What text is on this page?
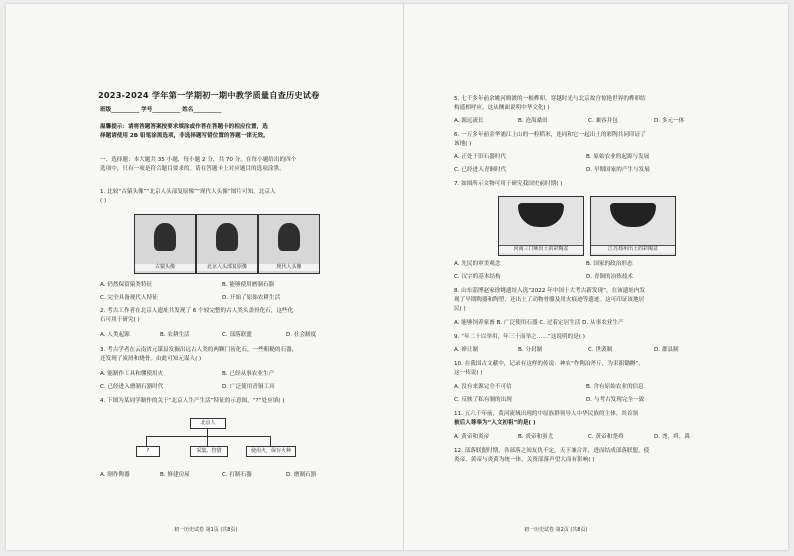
2023-2024 学年第一学期初一期中教学质量自查历史试卷
班级__________ 学号__________ 姓名__________
温馨提示：请将答题答案按要求填涂或作答在答题卡的相应位置，选
择题请使用 2B 铅笔涂黑选项，非选择题写错位置的答题一律无效。
一、选择题：本大题共 35 小题，每小题 2 分，共 70 分。在每小题给出的四个
选项中，只有一项是符合题目要求的。请在答题卡上对应题目的选项涂黑。
1. 比较“古猿头像”“北京人头部复原像”“现代人头像”图片可知，北京人
( )
古猿头像	北京人头部复原像	现代人头像
A. 仍然保留猿类特征	B. 能够使用磨制石器
C. 完全具备现代人特征	D. 开始了原始农耕生活
2. 考古工作者在北京人遗址共发现了 6 个较完整的古人类头盖骨化石，这些化
石可用于研究( )
A. 人类起源	B. 农耕生活	C. 部落联盟	D. 社会制度
3. 考古学者在云南省元谋县发掘出远古人类的两颗门齿化石，一些粗糙的石器，
还发现了炭屑和烧骨。由此可知元谋人( )
A. 能制作工具和懂使用火	B. 已经从事农业生产
C. 已经进入磨制石器时代	D. 广泛使用青铜工具
4. 下图为某同学制作的关于“北京人生产生活”特征的示意图，“?”处应填( )
北京人
?	采集、狩猎	使用火，保存火种
A. 制作陶器	B. 修建房屋	C. 打制石器	D. 磨制石器
初一历史试卷 第1页 (共8页)
5. 七千多年前余姚河姆渡的一根榫卯，穿越时光与北京故宫惊艳世界的榫卯结
构遥相呼应。这从侧面说明中华文化( )
A. 源远流长	B. 沧海桑田	C. 兼容并包	D. 多元一体
6. 一万多年前金华浦江上山的一粒稻米，连同和它一起出土的彩陶共同印证了
该地( )
A. 正处于旧石器时代	B. 原始农业的起源与发展
C. 已经进入青铜时代	D. 早期国家的产生与发展
7. 如图所示文物可用于研究我国史前时期( )
河南三门峡出土的彩陶盆	江苏邳州出土的彩陶盆
A. 先民的审美观念	B. 国家的政治形态
C. 汉字的基本结构	D. 青铜的冶炼技术
8. 山东淄博赵家徐姚遗址入选“2022 年中国十大考古新发现”，在该遗址内发
现了早期陶器和陶塑，还出土了动物骨骼及用火痕迹等遗迹。这可印证该地居
民( )
A. 能够饲养家畜 B. 广泛使用石器 C. 过着定居生活 D. 从事农业生产
9. “年二十以举用，年三十而举之……”这说明的是( )
A. 禅让制	B. 分封制	C. 世袭制	D. 郡县制
10. 在我国古文献中，记录有这样的传说：神农“作陶冶斧斤，为耒耜锄耨”，
这一传说( )
A. 没有来源完全不可信	B. 含有原始农业的信息
C. 反映了私有制的出现	D. 与考古发现完全一致
11. 五六千年前，黄河流域出现的中原族群领导人中华民族的主体。其首领
被后人尊奉为“人文初祖”的是( )
A. 黄帝和炎帝	B. 炎帝和蚩尤	C. 黄帝和尧舜	D. 尧、舜、禹
12. 部落联盟时期，各部落之间友仇不定，天下兼合并，进而结成部落联盟，使
炎帝、黄帝与炎黄为统一体，关资部落声望大而有影响( )
初一历史试卷 第2页 (共8页)
